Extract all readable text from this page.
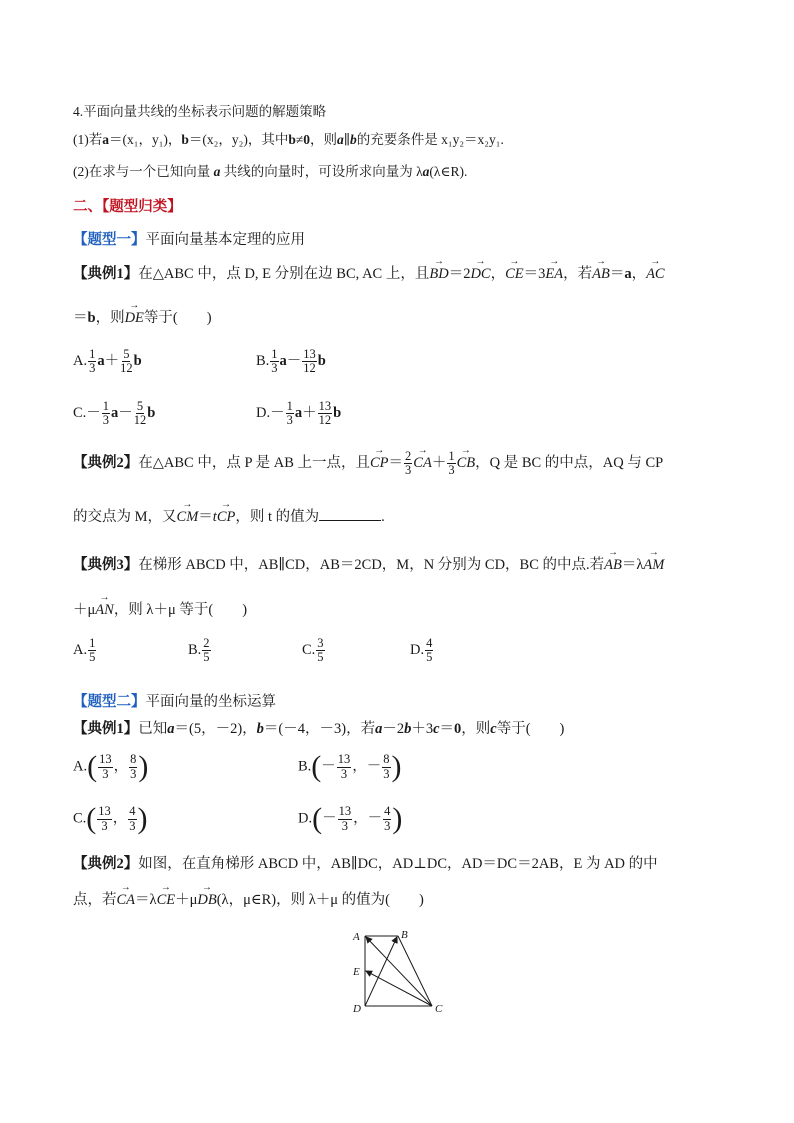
4.平面向量共线的坐标表示问题的解题策略
(1)若a＝(x₁，y₁)，b＝(x₂，y₂)，其中b≠0，则a∥b的充要条件是 x₁y₂＝x₂y₁.
(2)在求与一个已知向量 a 共线的向量时，可设所求向量为 λa(λ∈R).
二、【题型归类】
【题型一】平面向量基本定理的应用
【典例1】在△ABC 中，点 D, E 分别在边 BC, AC 上，且→ BD＝2→ DC，→ CE＝3→ EA，若→ AB＝a，→ AC
＝b，则→ DE等于(　　)
A. $\frac{1}{3} a+ \frac{5}{12}$ b	B. $\frac{1}{3} a- \frac{13}{12}$ b
$C.- \frac{1}{3} a- \frac{5}{12}$ b	$D.- \frac{1}{3} a+ \frac{13}{12}$ b
【典例2】在△ABC 中，点 P 是 AB 上一点，且→ $CP= \frac{2}{3}$
→ $CA+ \frac{1}{3}$
→ CB，Q 是 BC 的中点，AQ 与 CP
的交点为 M，又→ CM＝t→ CP，则 t 的值为	.
【典例3】在梯形 ABCD 中，AB∥CD，AB＝2CD，M，N 分别为 CD，BC 的中点.若→ AB＝λ→ AM
＋μ→ AN，则 λ＋μ 等于(　　)
A. $\frac{1}{5}$	B. $\frac{2}{5}$	C. $\frac{3}{5}$	D. $\frac{4}{5}$
【题型二】平面向量的坐标运算
【典例1】已知a＝(5，－2)，b＝(－4，－3)，若a－2b＋3c＝0，则c等于(　　)
$A.( \frac{13}{3}$ ， $\frac{8}{3}$ )	$B.(- \frac{13}{3}$ ，－ $\frac{8}{3}$ )
$C.( \frac{13}{3}$ ， $\frac{4}{3}$ )	$D.(- \frac{13}{3}$ ，－ $\frac{4}{3}$ )
【典例2】如图，在直角梯形 ABCD 中，AB∥DC，AD⊥DC，AD＝DC＝2AB，E 为 AD 的中
点，若→ CA＝λ→ CE＋μ→ DB(λ，μ∈R)，则 λ＋μ 的值为(　　)
A	B
E
D	C
